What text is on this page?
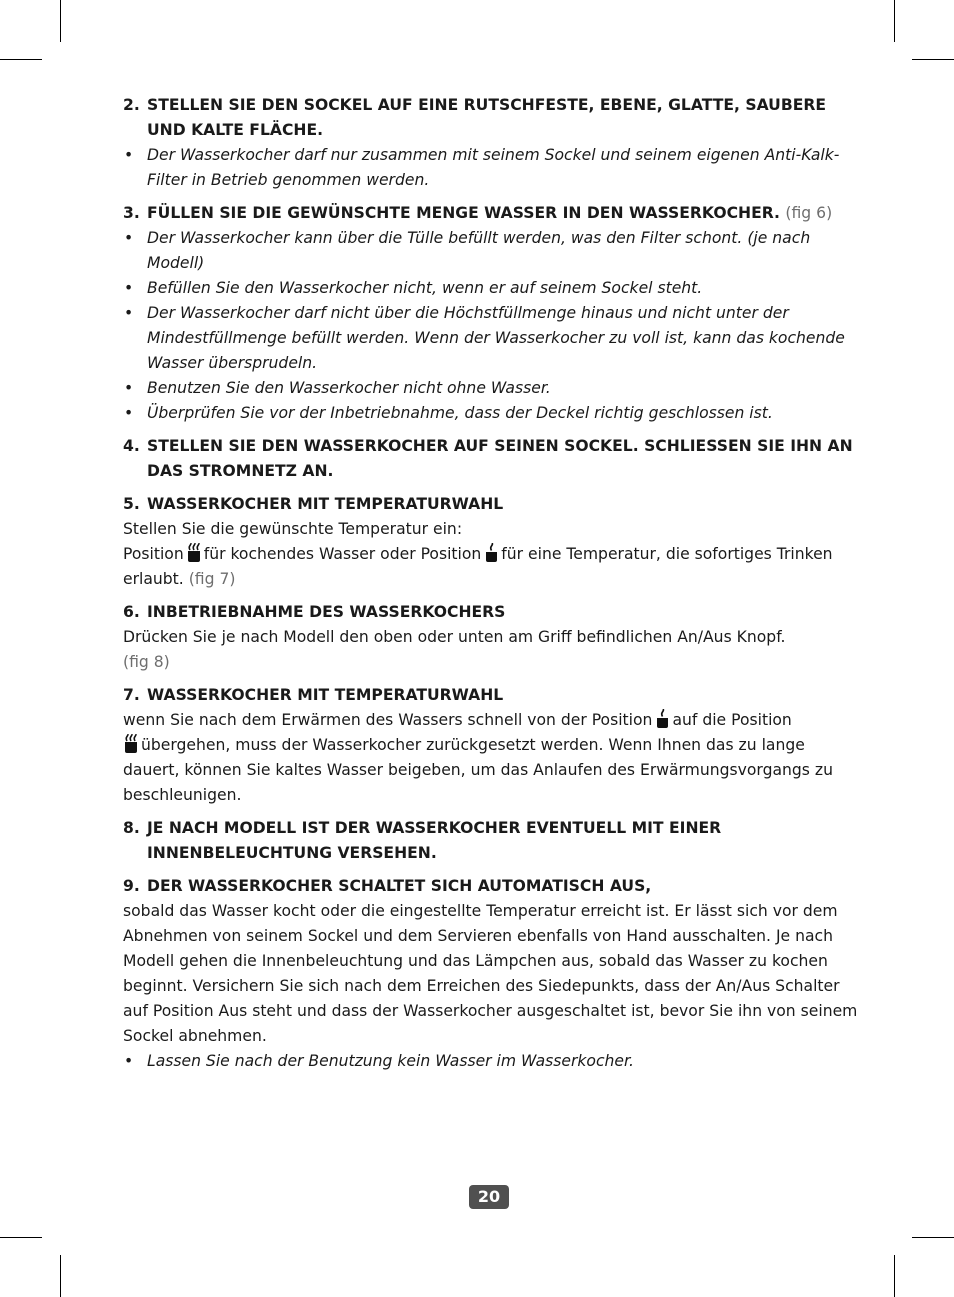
2. STELLEN SIE DEN SOCKEL AUF EINE RUTSCHFESTE, EBENE, GLATTE, SAUBERE UND KALTE FLÄCHE.
• Der Wasserkocher darf nur zusammen mit seinem Sockel und seinem eigenen Anti-Kalk-Filter in Betrieb genommen werden.
3. FÜLLEN SIE DIE GEWÜNSCHTE MENGE WASSER IN DEN WASSERKOCHER. (fig 6)
• Der Wasserkocher kann über die Tülle befüllt werden, was den Filter schont. (je nach Modell)
• Befüllen Sie den Wasserkocher nicht, wenn er auf seinem Sockel steht.
• Der Wasserkocher darf nicht über die Höchstfüllmenge hinaus und nicht unter der Mindestfüllmenge befüllt werden. Wenn der Wasserkocher zu voll ist, kann das kochende Wasser übersprudeln.
• Benutzen Sie den Wasserkocher nicht ohne Wasser.
• Überprüfen Sie vor der Inbetriebnahme, dass der Deckel richtig geschlossen ist.
4. STELLEN SIE DEN WASSERKOCHER AUF SEINEN SOCKEL. SCHLIESSEN SIE IHN AN DAS STROMNETZ AN.
5. WASSERKOCHER MIT TEMPERATURWAHL

Stellen Sie die gewünschte Temperatur ein:
Position für kochendes Wasser oder Position für eine Temperatur, die sofortiges Trinken erlaubt. (fig 7)

6. INBETRIEBNAHME DES WASSERKOCHERS

Drücken Sie je nach Modell den oben oder unten am Griff befindlichen An/Aus Knopf.
(fig 8)

7. WASSERKOCHER MIT TEMPERATURWAHL

wenn Sie nach dem Erwärmen des Wassers schnell von der Position auf die Position
übergehen, muss der Wasserkocher zurückgesetzt werden. Wenn Ihnen das zu lange dauert, können Sie kaltes Wasser beigeben, um das Anlaufen des Erwärmungsvorgangs zu beschleunigen.

8. JE NACH MODELL IST DER WASSERKOCHER EVENTUELL MIT EINER INNENBELEUCHTUNG VERSEHEN.
9. DER WASSERKOCHER SCHALTET SICH AUTOMATISCH AUS,

sobald das Wasser kocht oder die eingestellte Temperatur erreicht ist. Er lässt sich vor dem Abnehmen von seinem Sockel und dem Servieren ebenfalls von Hand ausschalten. Je nach Modell gehen die Innenbeleuchtung und das Lämpchen aus, sobald das Wasser zu kochen beginnt. Versichern Sie sich nach dem Erreichen des Siedepunkts, dass der An/Aus Schalter auf Position Aus steht und dass der Wasserkocher ausgeschaltet ist, bevor Sie ihn von seinem Sockel abnehmen.

• Lassen Sie nach der Benutzung kein Wasser im Wasserkocher.
20
